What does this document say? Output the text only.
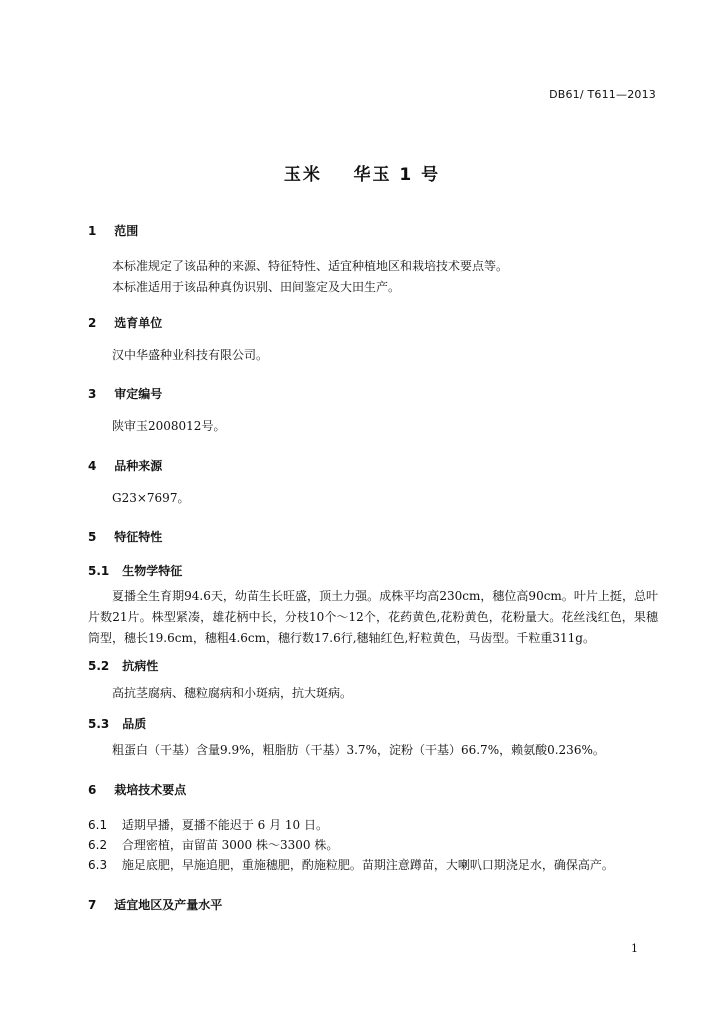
DB61/ T611—2013
玉米    华玉 1 号
1 范围
本标准规定了该品种的来源、特征特性、适宜种植地区和栽培技术要点等。
本标准适用于该品种真伪识别、田间鉴定及大田生产。
2 选育单位
汉中华盛种业科技有限公司。
3 审定编号
陕审玉2008012号。
4 品种来源
G23×7697。
5 特征特性
5.1 生物学特征
夏播全生育期94.6天，幼苗生长旺盛，顶土力强。成株平均高230cm，穗位高90cm。叶片上挺，总叶片数21片。株型紧凑，雄花柄中长，分枝10个～12个，花药黄色,花粉黄色，花粉量大。花丝浅红色，果穗筒型，穗长19.6cm，穗粗4.6cm，穗行数17.6行,穗轴红色,籽粒黄色，马齿型。千粒重311g。
5.2 抗病性
高抗茎腐病、穗粒腐病和小斑病，抗大斑病。
5.3 品质
粗蛋白（干基）含量9.9%，粗脂肪（干基）3.7%，淀粉（干基）66.7%，赖氨酸0.236%。
6 栽培技术要点
6.1 适期早播，夏播不能迟于 6 月 10 日。
6.2 合理密植，亩留苗 3000 株～3300 株。
6.3 施足底肥，早施追肥，重施穗肥，酌施粒肥。苗期注意蹲苗，大喇叭口期浇足水，确保高产。
7 适宜地区及产量水平
1
